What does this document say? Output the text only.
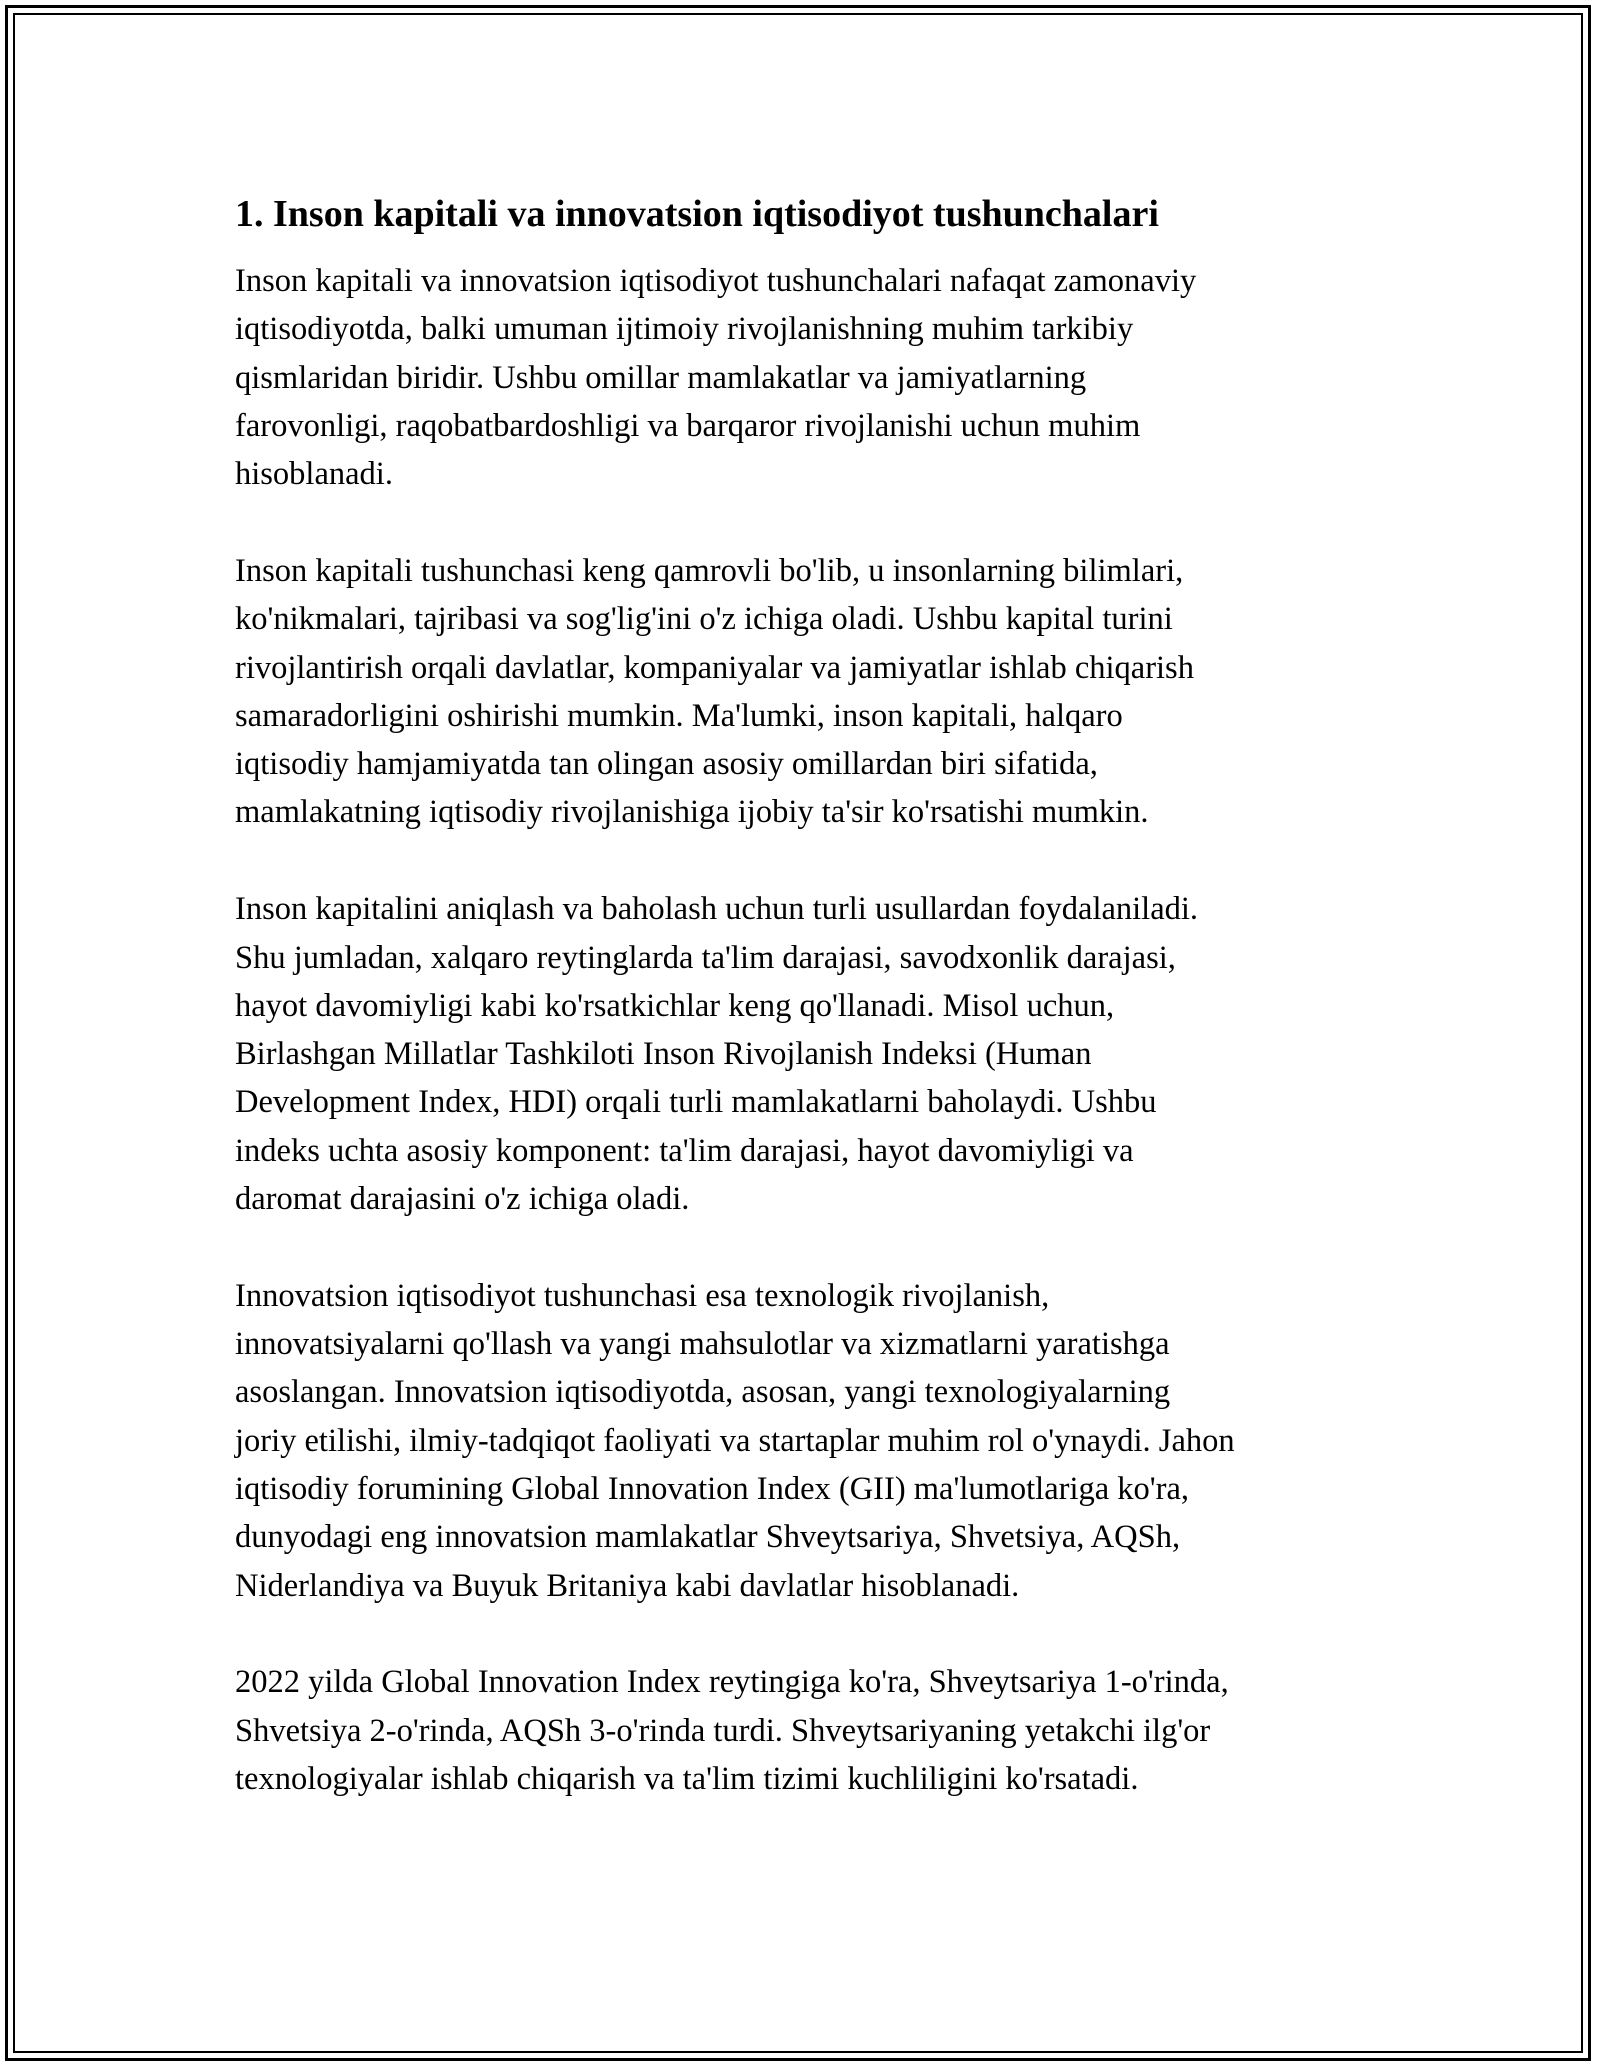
1. Inson kapitali va innovatsion iqtisodiyot tushunchalari

Inson kapitali va innovatsion iqtisodiyot tushunchalari nafaqat zamonaviy
iqtisodiyotda, balki umuman ijtimoiy rivojlanishning muhim tarkibiy
qismlaridan biridir. Ushbu omillar mamlakatlar va jamiyatlarning
farovonligi, raqobatbardoshligi va barqaror rivojlanishi uchun muhim
hisoblanadi.

Inson kapitali tushunchasi keng qamrovli bo'lib, u insonlarning bilimlari,
ko'nikmalari, tajribasi va sog'lig'ini o'z ichiga oladi. Ushbu kapital turini
rivojlantirish orqali davlatlar, kompaniyalar va jamiyatlar ishlab chiqarish
samaradorligini oshirishi mumkin. Ma'lumki, inson kapitali, halqaro
iqtisodiy hamjamiyatda tan olingan asosiy omillardan biri sifatida,
mamlakatning iqtisodiy rivojlanishiga ijobiy ta'sir ko'rsatishi mumkin.

Inson kapitalini aniqlash va baholash uchun turli usullardan foydalaniladi.
Shu jumladan, xalqaro reytinglarda ta'lim darajasi, savodxonlik darajasi,
hayot davomiyligi kabi ko'rsatkichlar keng qo'llanadi. Misol uchun,
Birlashgan Millatlar Tashkiloti Inson Rivojlanish Indeksi (Human
Development Index, HDI) orqali turli mamlakatlarni baholaydi. Ushbu
indeks uchta asosiy komponent: ta'lim darajasi, hayot davomiyligi va
daromat darajasini o'z ichiga oladi.

Innovatsion iqtisodiyot tushunchasi esa texnologik rivojlanish,
innovatsiyalarni qo'llash va yangi mahsulotlar va xizmatlarni yaratishga
asoslangan. Innovatsion iqtisodiyotda, asosan, yangi texnologiyalarning
joriy etilishi, ilmiy-tadqiqot faoliyati va startaplar muhim rol o'ynaydi. Jahon
iqtisodiy forumining Global Innovation Index (GII) ma'lumotlariga ko'ra,
dunyodagi eng innovatsion mamlakatlar Shveytsariya, Shvetsiya, AQSh,
Niderlandiya va Buyuk Britaniya kabi davlatlar hisoblanadi.

2022 yilda Global Innovation Index reytingiga ko'ra, Shveytsariya 1-o'rinda,
Shvetsiya 2-o'rinda, AQSh 3-o'rinda turdi. Shveytsariyaning yetakchi ilg'or
texnologiyalar ishlab chiqarish va ta'lim tizimi kuchliligini ko'rsatadi.
